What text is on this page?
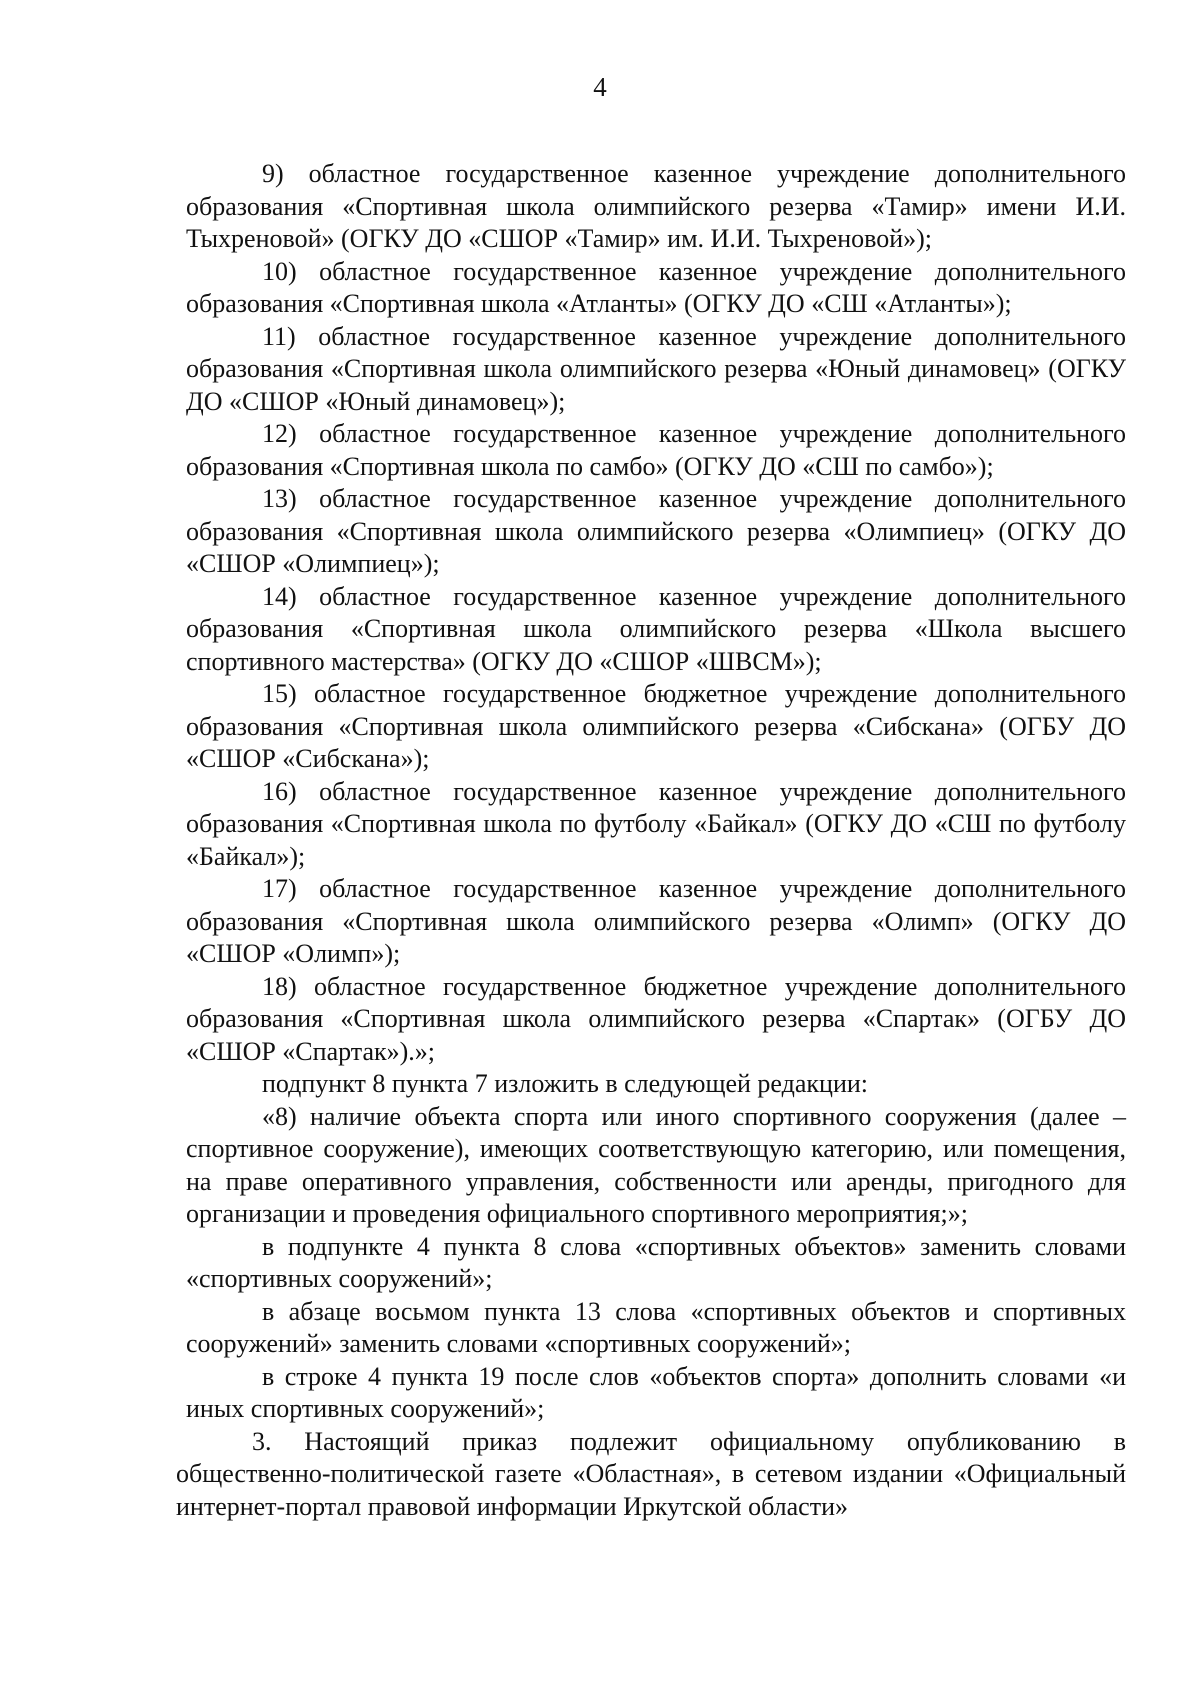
4

9) областное государственное казенное учреждение дополнительного образования «Спортивная школа олимпийского резерва «Тамир» имени И.И. Тыхреновой» (ОГКУ ДО «СШОР «Тамир» им. И.И. Тыхреновой»);

10) областное государственное казенное учреждение дополнительного образования «Спортивная школа «Атланты» (ОГКУ ДО «СШ «Атланты»);

11) областное государственное казенное учреждение дополнительного образования «Спортивная школа олимпийского резерва «Юный динамовец» (ОГКУ ДО «СШОР «Юный динамовец»);

12) областное государственное казенное учреждение дополнительного образования «Спортивная школа по самбо» (ОГКУ ДО «СШ по самбо»);

13) областное государственное казенное учреждение дополнительного образования «Спортивная школа олимпийского резерва «Олимпиец» (ОГКУ ДО «СШОР «Олимпиец»);

14) областное государственное казенное учреждение дополнительного образования «Спортивная школа олимпийского резерва «Школа высшего спортивного мастерства» (ОГКУ ДО «СШОР «ШВСМ»);

15) областное государственное бюджетное учреждение дополнительного образования «Спортивная школа олимпийского резерва «Сибскана» (ОГБУ ДО «СШОР «Сибскана»);

16) областное государственное казенное учреждение дополнительного образования «Спортивная школа по футболу «Байкал» (ОГКУ ДО «СШ по футболу «Байкал»);

17) областное государственное казенное учреждение дополнительного образования «Спортивная школа олимпийского резерва «Олимп» (ОГКУ ДО «СШОР «Олимп»);

18) областное государственное бюджетное учреждение дополнительного образования «Спортивная школа олимпийского резерва «Спартак» (ОГБУ ДО «СШОР «Спартак»).»;

подпункт 8 пункта 7 изложить в следующей редакции:

«8) наличие объекта спорта или иного спортивного сооружения (далее – спортивное сооружение), имеющих соответствующую категорию, или помещения, на праве оперативного управления, собственности или аренды, пригодного для организации и проведения официального спортивного мероприятия;»;

в подпункте 4 пункта 8 слова «спортивных объектов» заменить словами «спортивных сооружений»;

в абзаце восьмом пункта 13 слова «спортивных объектов и спортивных сооружений» заменить словами «спортивных сооружений»;

в строке 4 пункта 19 после слов «объектов спорта» дополнить словами «и иных спортивных сооружений»;

3. Настоящий приказ подлежит официальному опубликованию в общественно-политической газете «Областная», в сетевом издании «Официальный интернет-портал правовой информации Иркутской области»
